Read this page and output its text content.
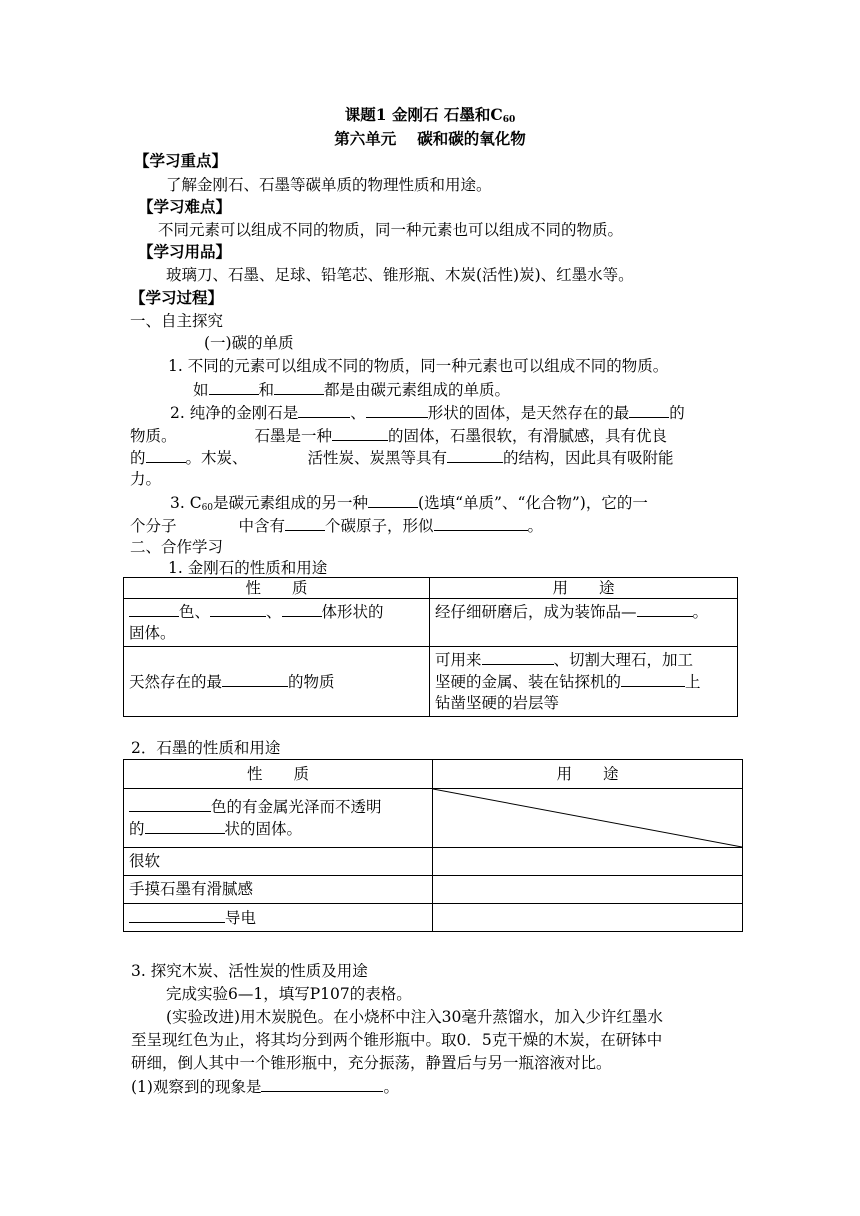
课题1 金刚石 石墨和$C_{60}$
第六单元　 碳和碳的氧化物
【学习重点】
了解金刚石、石墨等碳单质的物理性质和用途。
【学习难点】
不同元素可以组成不同的物质，同一种元素也可以组成不同的物质。
【学习用品】
玻璃刀、石墨、足球、铅笔芯、锥形瓶、木炭(活性)炭)、红墨水等。
【学习过程】
一、自主探究
(一)碳的单质
1. 不同的元素可以组成不同的物质，同一种元素也可以组成不同的物质。
如	和	都是由碳元素组成的单质。
2. 纯净的金刚石是	、	形状的固体，是天然存在的最	的
物质。	石墨是一种	的固体，石墨很软，有滑腻感，具有优良
的	。木炭、	活性炭、炭黑等具有	的结构，因此具有吸附能
力。
3. $C_{60}$是碳元素组成的另一种	(选填“单质”、“化合物”)，它的一
个分子	中含有	个碳原子，形似	。
二、合作学习
1. 金刚石的性质和用途
性　　质	用　　途
色、 、 体形状的
固体。	经仔细研磨后，成为装饰品— 。
天然存在的最 的物质	可用来 、切割大理石，加工
坚硬的金属、装在钻探机的 上
钻凿坚硬的岩层等
2．石墨的性质和用途
性　　质	用　　途
色的有金属光泽而不透明
的 状的固体。	

很软	
手摸石墨有滑腻感	
导电	
3. 探究木炭、活性炭的性质及用途
完成实验6—1，填写P107的表格。
(实验改进)用木炭脱色。在小烧杯中注入30毫升蒸馏水，加入少许红墨水
至呈现红色为止，将其均分到两个锥形瓶中。取0．5克干燥的木炭，在研钵中
研细，倒人其中一个锥形瓶中，充分振荡，静置后与另一瓶溶液对比。
(1)观察到的现象是	。
